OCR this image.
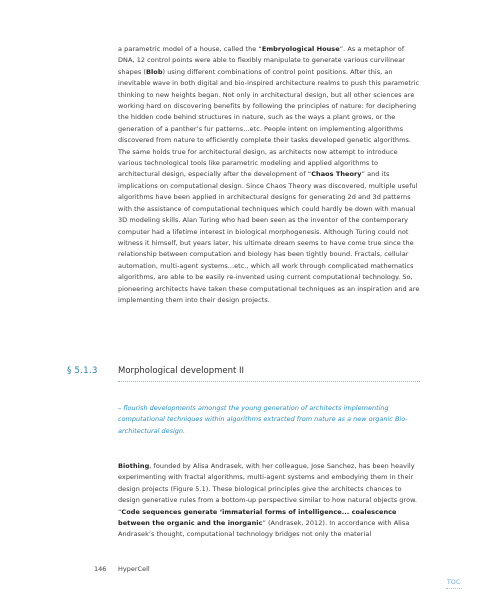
a parametric model of a house, called the “Embryological House”. As a metaphor of DNA, 12 control points were able to flexibly manipulate to generate various curvilinear shapes (Blob) using different combinations of control point positions. After this, an inevitable wave in both digital and bio-inspired architecture realms to push this parametric thinking to new heights began. Not only in architectural design, but all other sciences are working hard on discovering benefits by following the principles of nature: for deciphering the hidden code behind structures in nature, such as the ways a plant grows, or the generation of a panther’s fur patterns...etc. People intent on implementing algorithms discovered from nature to efficiently complete their tasks developed genetic algorithms. The same holds true for architectural design, as architects now attempt to introduce various technological tools like parametric modeling and applied algorithms to architectural design, especially after the development of “Chaos Theory” and its implications on computational design. Since Chaos Theory was discovered, multiple useful algorithms have been applied in architectural designs for generating 2d and 3d patterns with the assistance of computational techniques which could hardly be down with manual 3D modeling skills. Alan Turing who had been seen as the inventor of the contemporary computer had a lifetime interest in biological morphogenesis. Although Turing could not witness it himself, but years later, his ultimate dream seems to have come true since the relationship between computation and biology has been tightly bound. Fractals, cellular automation, multi-agent systems...etc., which all work through complicated mathematics algorithms, are able to be easily re-invented using current computational technology. So, pioneering architects have taken these computational techniques as an inspiration and are implementing them into their design projects.

§ 5.1.3 Morphological development II
– flourish developments amongst the young generation of architects implementing computational techniques within algorithms extracted from nature as a new organic Bio-architectural design.

Biothing, founded by Alisa Andrasek, with her colleague, Jose Sanchez, has been heavily experimenting with fractal algorithms, multi-agent systems and embodying them in their design projects (Figure 5.1). These biological principles give the architects chances to design generative rules from a bottom-up perspective similar to how natural objects grow. “Code sequences generate ‘immaterial forms of intelligence... coalescence between the organic and the inorganic” (Andrasek, 2012). In accordance with Alisa Andrasek’s thought, computational technology bridges not only the material

146 HyperCell
TOC
